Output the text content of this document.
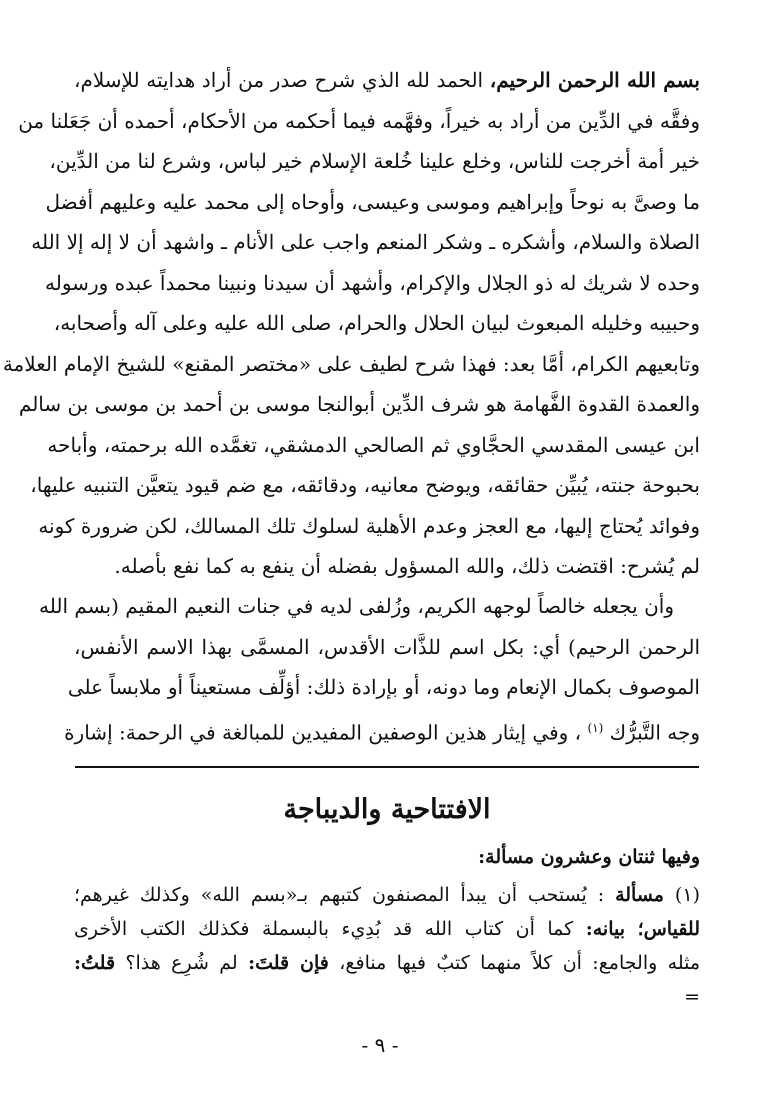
بسم الله الرحمن الرحيم، الحمد لله الذي شرح صدر من أراد هدايته للإسلام،
وفقَّه في الدِّين من أراد به خيراً، وفهَّمه فيما أحكمه من الأحكام، أحمده أن جَعَلنا من
خير أمة أخرجت للناس، وخلع علينا خُلعة الإسلام خير لباس، وشرع لنا من الدِّين،
ما وصىَّ به نوحاً وإبراهيم وموسى وعيسى، وأوحاه إلى محمد عليه وعليهم أفضل
الصلاة والسلام، وأشكره ـ وشكر المنعم واجب على الأنام ـ واشهد أن لا إله إلا الله
وحده لا شريك له ذو الجلال والإكرام، وأشهد أن سيدنا ونبينا محمداً عبده ورسوله
وحبيبه وخليله المبعوث لبيان الحلال والحرام، صلى الله عليه وعلى آله وأصحابه،
وتابعيهم الكرام، أمَّا بعد: فهذا شرح لطيف على «مختصر المقنع» للشيخ الإمام العلامة
والعمدة القدوة الفَّهامة هو شرف الدِّين أبوالنجا موسى بن أحمد بن موسى بن سالم
ابن عيسى المقدسي الحجَّاوي ثم الصالحي الدمشقي، تغمَّده الله برحمته، وأباحه
بحبوحة جنته، يُبيِّن حقائقه، ويوضح معانيه، ودقائقه، مع ضم قيود يتعيَّن التنبيه عليها،
وفوائد يُحتاج إليها، مع العجز وعدم الأهلية لسلوك تلك المسالك، لكن ضرورة كونه
لم يُشرح: اقتضت ذلك، والله المسؤول بفضله أن ينفع به كما نفع بأصله.
وأن يجعله خالصاً لوجهه الكريم، وزُلفى لديه في جنات النعيم المقيم (بسم الله
الرحمن الرحيم) أي: بكل اسم للذَّات الأقدس، المسمَّى بهذا الاسم الأنفس،
الموصوف بكمال الإنعام وما دونه، أو بإرادة ذلك: أؤلِّف مستعيناً أو ملابساً على
وجه التَّبرُّك $^{(١)}$ ، وفي إيثار هذين الوصفين المفيدين للمبالغة في الرحمة: إشارة
الافتتاحية والديباجة
وفيها ثنتان وعشرون مسألة:
(١) مسألة : يُستحب أن يبدأ المصنفون كتبهم بـ«بسم الله» وكذلك غيرهم؛
للقياس؛ بيانه: كما أن كتاب الله قد بُدِيء بالبسملة فكذلك الكتب الأخرى
مثله والجامع: أن كلاً منهما كتبٌ فيها منافع، فإن قلتَ: لم شُرِع هذا؟ قلتُ:
=
- ٩ -
